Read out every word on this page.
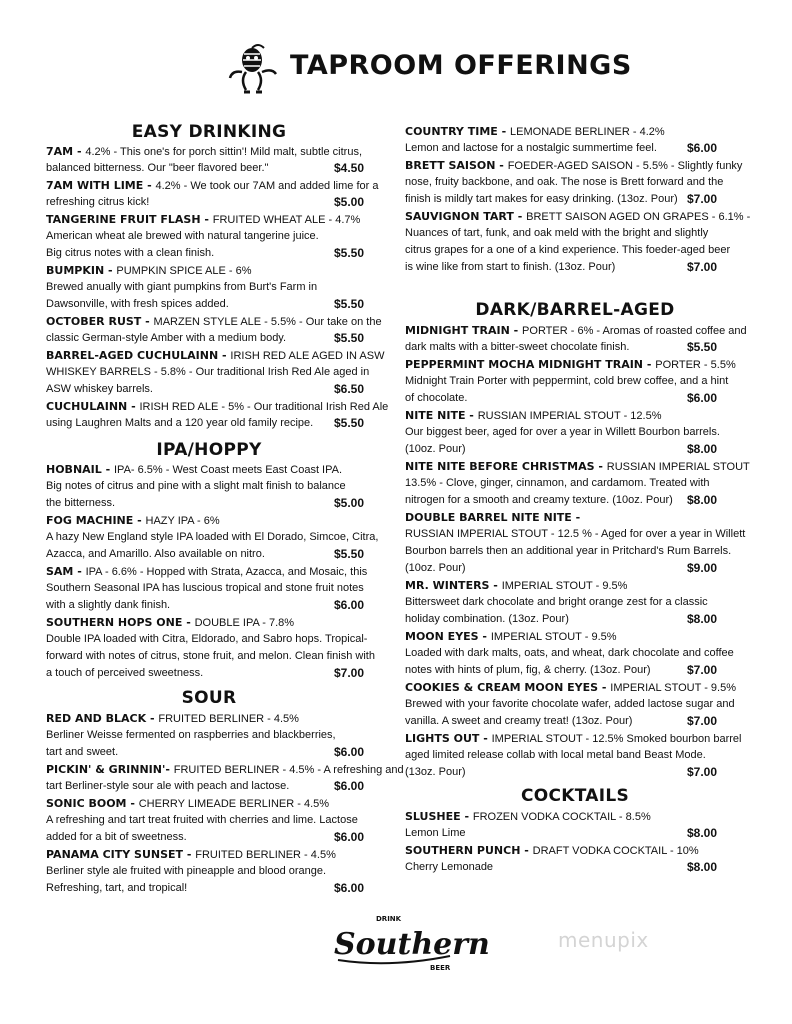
TAPROOM OFFERINGS
EASY DRINKING
7AM - 4.2% - This one's for porch sittin'! Mild malt, subtle citrus,
balanced bitterness. Our "beer flavored beer."	$4.50
7AM WITH LIME - 4.2% - We took our 7AM and added lime for a
refreshing citrus kick!	$5.00
TANGERINE FRUIT FLASH - FRUITED WHEAT ALE - 4.7%
American wheat ale brewed with natural tangerine juice.
Big citrus notes with a clean finish.	$5.50
BUMPKIN - PUMPKIN SPICE ALE - 6%
Brewed anually with giant pumpkins from Burt's Farm in
Dawsonville, with fresh spices added.	$5.50
OCTOBER RUST - MARZEN STYLE ALE - 5.5% - Our take on the
classic German-style Amber with a medium body.	$5.50
BARREL-AGED CUCHULAINN - IRISH RED ALE AGED IN ASW
WHISKEY BARRELS - 5.8% - Our traditional Irish Red Ale aged in
ASW whiskey barrels.	$6.50
CUCHULAINN - IRISH RED ALE - 5% - Our traditional Irish Red Ale
using Laughren Malts and a 120 year old family recipe. $5.50
IPA/HOPPY
HOBNAIL - IPA- 6.5% - West Coast meets East Coast IPA.
Big notes of citrus and pine with a slight malt finish to balance
the bitterness.	$5.00
FOG MACHINE - HAZY IPA - 6%
A hazy New England style IPA loaded with El Dorado, Simcoe, Citra,
Azacca, and Amarillo. Also available on nitro.	$5.50
SAM - IPA - 6.6% - Hopped with Strata, Azacca, and Mosaic, this
Southern Seasonal IPA has luscious tropical and stone fruit notes
with a slightly dank finish.	$6.00
SOUTHERN HOPS ONE - DOUBLE IPA - 7.8%
Double IPA loaded with Citra, Eldorado, and Sabro hops. Tropical-
forward with notes of citrus, stone fruit, and melon. Clean finish with
a touch of perceived sweetness.	$7.00
SOUR
RED AND BLACK - FRUITED BERLINER - 4.5%
Berliner Weisse fermented on raspberries and blackberries,
tart and sweet.	$6.00
PICKIN' & GRINNIN'- FRUITED BERLINER - 4.5% - A refreshing and
tart Berliner-style sour ale with peach and lactose.	$6.00
SONIC BOOM - CHERRY LIMEADE BERLINER - 4.5%
A refreshing and tart treat fruited with cherries and lime. Lactose
added for a bit of sweetness.	$6.00
PANAMA CITY SUNSET - FRUITED BERLINER - 4.5%
Berliner style ale fruited with pineapple and blood orange.
Refreshing, tart, and tropical!	$6.00
COUNTRY TIME - LEMONADE BERLINER - 4.2%
Lemon and lactose for a nostalgic summertime feel.	$6.00
BRETT SAISON - FOEDER-AGED SAISON - 5.5% - Slightly funky
nose, fruity backbone, and oak. The nose is Brett forward and the
finish is mildly tart makes for easy drinking. (13oz. Pour) $7.00
SAUVIGNON TART - BRETT SAISON AGED ON GRAPES - 6.1% -
Nuances of tart, funk, and oak meld with the bright and slightly
citrus grapes for a one of a kind experience. This foeder-aged beer
is wine like from start to finish. (13oz. Pour)	$7.00
DARK/BARREL-AGED
MIDNIGHT TRAIN - PORTER - 6% - Aromas of roasted coffee and
dark malts with a bitter-sweet chocolate finish.	$5.50
PEPPERMINT MOCHA MIDNIGHT TRAIN - PORTER - 5.5%
Midnight Train Porter with peppermint, cold brew coffee, and a hint
of chocolate.	$6.00
NITE NITE - RUSSIAN IMPERIAL STOUT - 12.5%
Our biggest beer, aged for over a year in Willett Bourbon barrels.
(10oz. Pour)	$8.00
NITE NITE BEFORE CHRISTMAS - RUSSIAN IMPERIAL STOUT
13.5% - Clove, ginger, cinnamon, and cardamom. Treated with
nitrogen for a smooth and creamy texture. (10oz. Pour) $8.00
DOUBLE BARREL NITE NITE -
RUSSIAN IMPERIAL STOUT - 12.5 % - Aged for over a year in Willett
Bourbon barrels then an additional year in Pritchard's Rum Barrels.
(10oz. Pour)	$9.00
MR. WINTERS - IMPERIAL STOUT - 9.5%
Bittersweet dark chocolate and bright orange zest for a classic
holiday combination. (13oz. Pour)	$8.00
MOON EYES - IMPERIAL STOUT - 9.5%
Loaded with dark malts, oats, and wheat, dark chocolate and coffee
notes with hints of plum, fig, & cherry. (13oz. Pour)	$7.00
COOKIES & CREAM MOON EYES - IMPERIAL STOUT - 9.5%
Brewed with your favorite chocolate wafer, added lactose sugar and
vanilla. A sweet and creamy treat! (13oz. Pour)	$7.00
LIGHTS OUT - IMPERIAL STOUT - 12.5% Smoked bourbon barrel
aged limited release collab with local metal band Beast Mode.
(13oz. Pour)	$7.00
COCKTAILS
SLUSHEE - FROZEN VODKA COCKTAIL - 8.5%
Lemon Lime	$8.00
SOUTHERN PUNCH - DRAFT VODKA COCKTAIL - 10%
Cherry Lemonade	$8.00
DRINK
Southern
BEER
menupix
